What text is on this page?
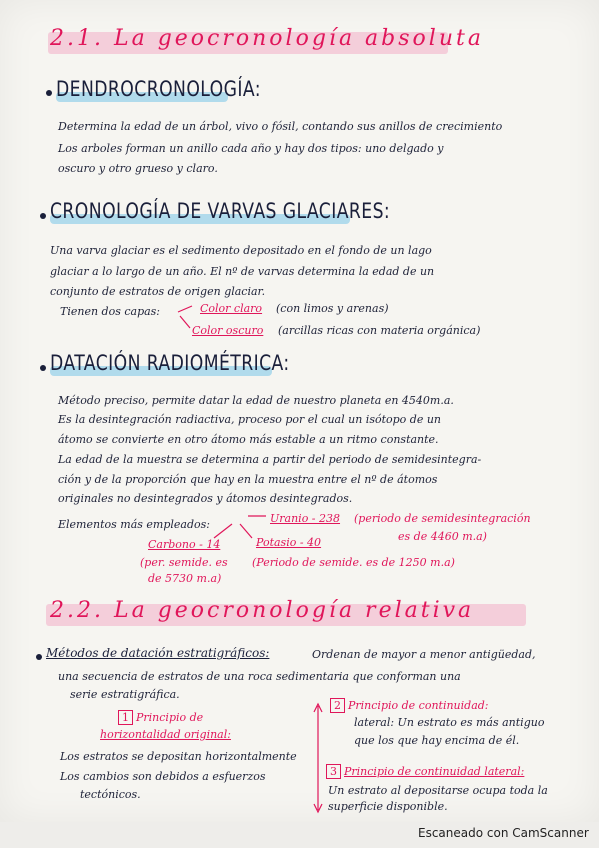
2.1. La geocronología absoluta
DENDROCRONOLOGÍA:
Determina la edad de un árbol, vivo o fósil, contando sus anillos de crecimiento
Los arboles forman un anillo cada año y hay dos tipos: uno delgado y
oscuro y otro grueso y claro.
CRONOLOGÍA DE VARVAS GLACIARES:
Una varva glaciar es el sedimento depositado en el fondo de un lago
glaciar a lo largo de un año. El nº de varvas determina la edad de un
conjunto de estratos de origen glaciar.
Tienen dos capas:	Color claro (con limos y arenas)
Color oscuro (arcillas ricas con materia orgánica)
DATACIÓN RADIOMÉTRICA:
Método preciso, permite datar la edad de nuestro planeta en 4540m.a.
Es la desintegración radiactiva, proceso por el cual un isótopo de un
átomo se convierte en otro átomo más estable a un ritmo constante.
La edad de la muestra se determina a partir del periodo de semidesintegra-
ción y de la proporción que hay en la muestra entre el nº de átomos
originales no desintegrados y átomos desintegrados.
Elementos más empleados:	Uranio - 238 (periodo de semidesintegración
es de 4460 m.a)
Potasio - 40
(Periodo de semide. es de 1250 m.a)
Carbono - 14
(per. semide. es
de 5730 m.a)
2.2. La geocronología relativa
Métodos de datación estratigráficos:	Ordenan de mayor a menor antigüedad,
una secuencia de estratos de una roca sedimentaria que conforman una
serie estratigráfica.
1 Principio de
horizontalidad original:
Los estratos se depositan horizontalmente
Los cambios son debidos a esfuerzos
tectónicos.
2 Principio de continuidad:
lateral: Un estrato es más antiguo
que los que hay encima de él.
3 Principio de continuidad lateral:
Un estrato al depositarse ocupa toda la
superficie disponible.
Escaneado con CamScanner
